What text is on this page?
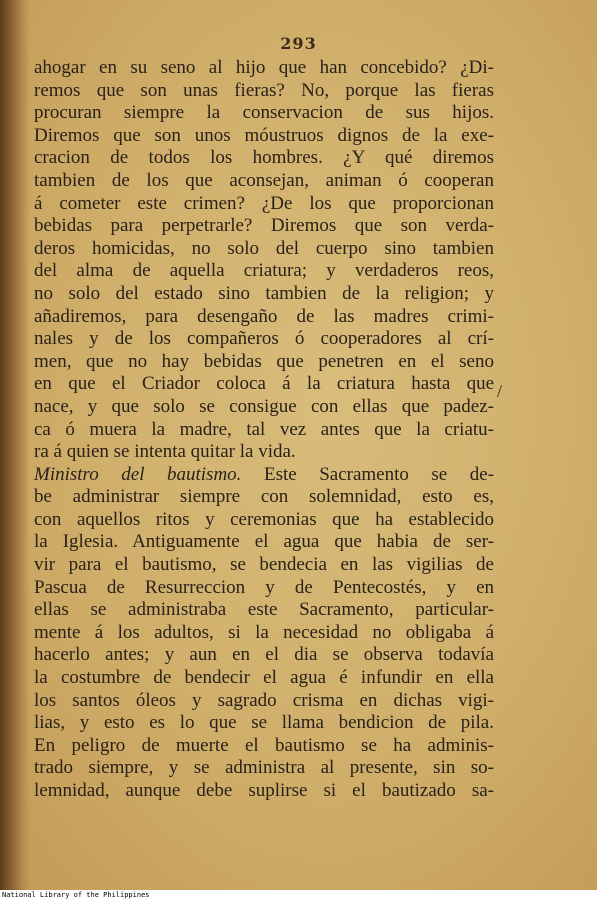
293
ahogar en su seno al hijo que han concebido? ¿Di-
remos que son unas fieras? No, porque las fieras
procuran siempre la conservacion de sus hijos.
Diremos que son unos móustruos dignos de la exe-
cracion de todos los hombres. ¿Y qué diremos
tambien de los que aconsejan, animan ó cooperan
á cometer este crimen? ¿De los que proporcionan
bebidas para perpetrarle? Diremos que son verda-
deros homicidas, no solo del cuerpo sino tambien
del alma de aquella criatura; y verdaderos reos,
no solo del estado sino tambien de la religion; y
añadiremos, para desengaño de las madres crimi-
nales y de los compañeros ó cooperadores al crí-
men, que no hay bebidas que penetren en el seno
en que el Criador coloca á la criatura hasta que
nace, y que solo se consigue con ellas que padez-
ca ó muera la madre, tal vez antes que la criatu-
ra á quien se intenta quitar la vida.
Ministro del bautismo. Este Sacramento se de-
be administrar siempre con solemnidad, esto es,
con aquellos ritos y ceremonias que ha establecido
la Iglesia. Antiguamente el agua que habia de ser-
vir para el bautismo, se bendecia en las vigilias de
Pascua de Resurreccion y de Pentecostés, y en
ellas se administraba este Sacramento, particular-
mente á los adultos, si la necesidad no obligaba á
hacerlo antes; y aun en el dia se observa todavía
la costumbre de bendecir el agua é infundir en ella
los santos óleos y sagrado crisma en dichas vigi-
lias, y esto es lo que se llama bendicion de pila.
En peligro de muerte el bautismo se ha adminis-
trado siempre, y se administra al presente, sin so-
lemnidad, aunque debe suplirse si el bautizado sa-
/
National Library of the Philippines
